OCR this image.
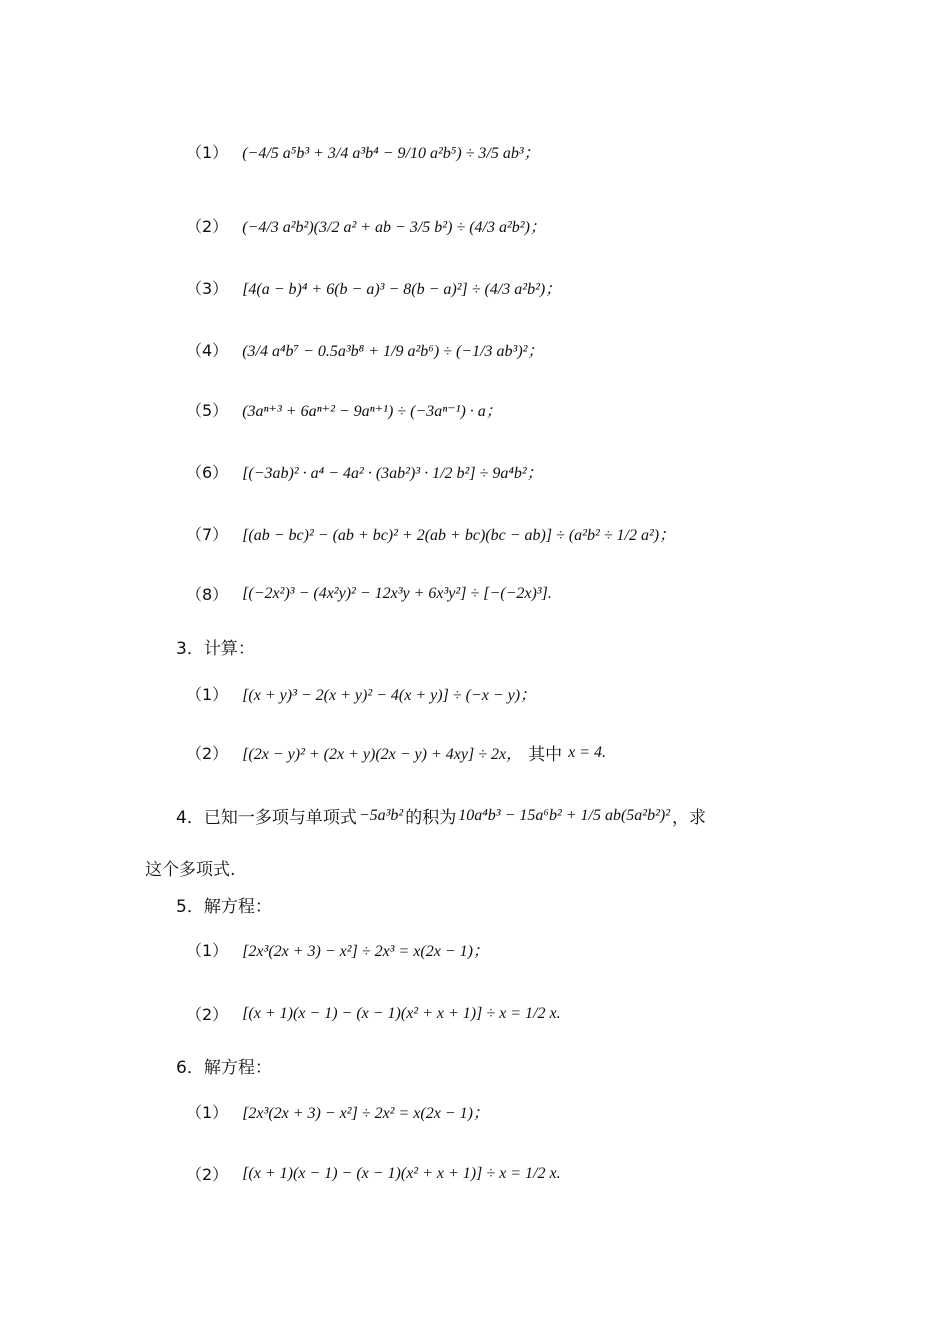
（1） (−4/5 a⁵b³ + 3/4 a³b⁴ − 9/10 a²b⁵) ÷ 3/5 ab³；
（2） (−4/3 a²b²)(3/2 a² + ab − 3/5 b²) ÷ (4/3 a²b²)；
（3） [4(a − b)⁴ + 6(b − a)³ − 8(b − a)²] ÷ (4/3 a²b²)；
（4） (3/4 a⁴b⁷ − 0.5a³b⁸ + 1/9 a²b⁶) ÷ (−1/3 ab³)²；
（5） (3aⁿ⁺³ + 6aⁿ⁺² − 9aⁿ⁺¹) ÷ (−3aⁿ⁻¹) · a；
（6） [(−3ab)² · a⁴ − 4a² · (3ab²)³ · 1/2 b²] ÷ 9a⁴b²；
（7） [(ab − bc)² − (ab + bc)² + 2(ab + bc)(bc − ab)] ÷ (a²b² ÷ 1/2 a²)；
（8） [(−2x²)³ − (4x²y)² − 12x³y + 6x³y²] ÷ [−(−2x)³].
3．计算：
（1） [(x + y)³ − 2(x + y)² − 4(x + y)] ÷ (−x − y)；
（2） [(2x − y)² + (2x + y)(2x − y) + 4xy] ÷ 2x， 其中 x = 4.
4．已知一多项与单项式 −5a³b² 的积为 10a⁴b³ − 15a⁶b² + 1/5 ab(5a²b²)² ，求
这个多项式.
5．解方程：
（1） [2x³(2x + 3) − x²] ÷ 2x³ = x(2x − 1)；
（2） [(x + 1)(x − 1) − (x − 1)(x² + x + 1)] ÷ x = 1/2 x.
6．解方程：
（1） [2x³(2x + 3) − x²] ÷ 2x² = x(2x − 1)；
（2） [(x + 1)(x − 1) − (x − 1)(x² + x + 1)] ÷ x = 1/2 x.
